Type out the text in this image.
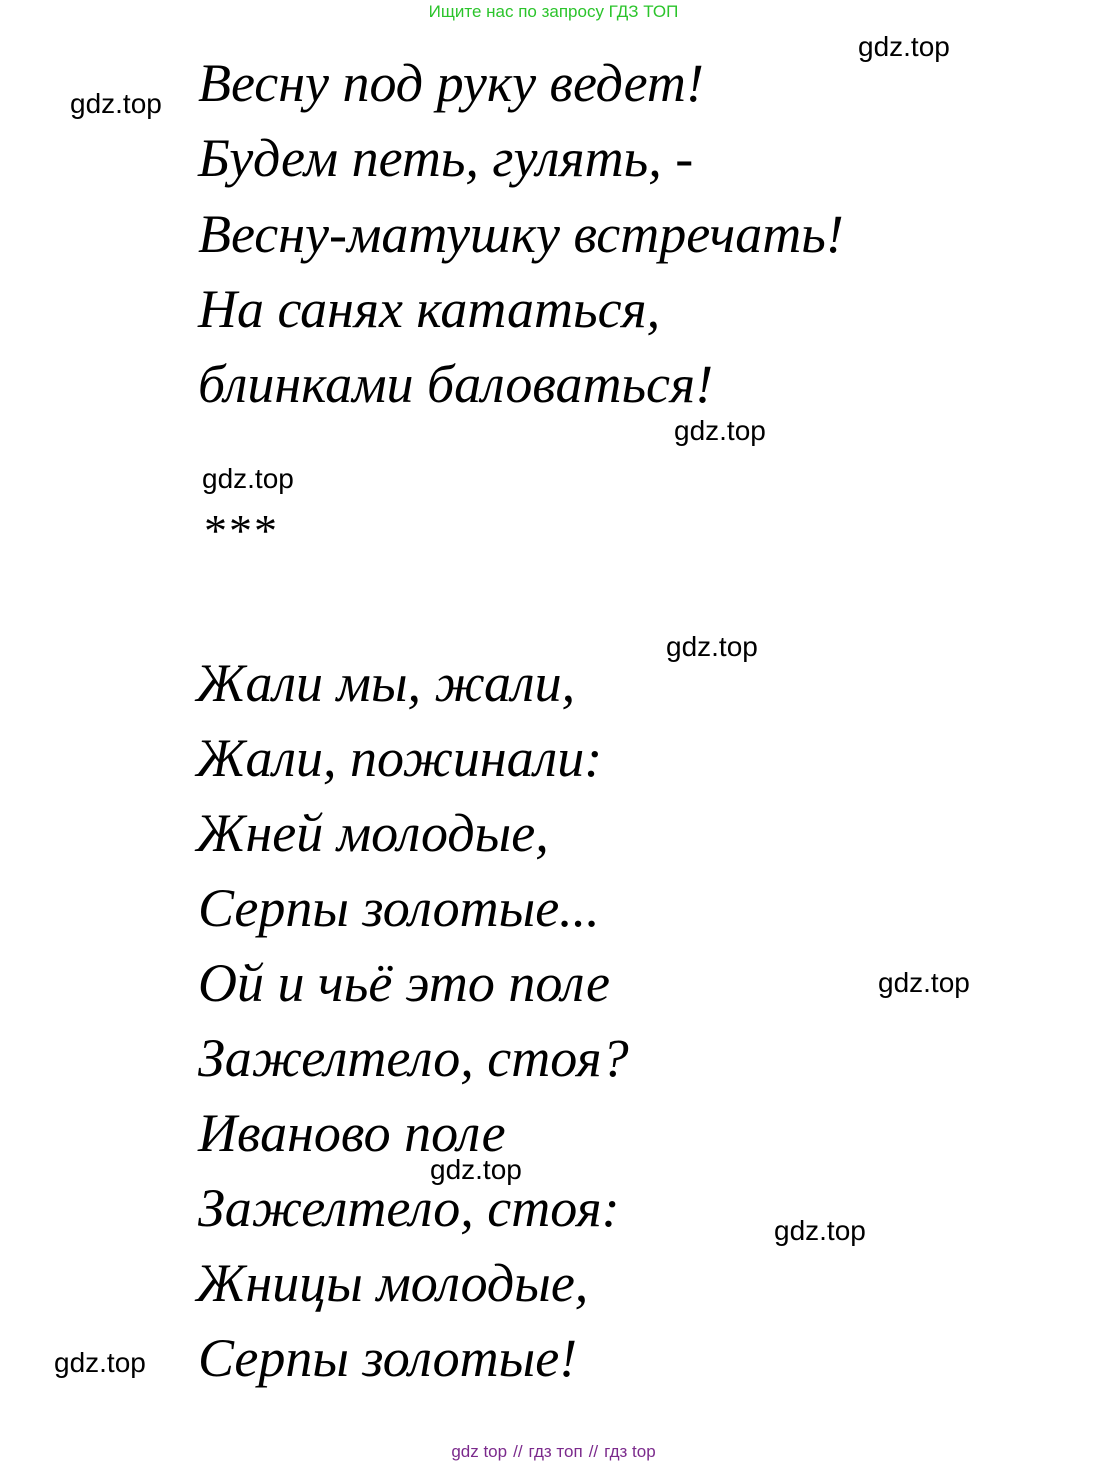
Ищите нас по запросу ГДЗ ТОП
Весну под руку ведет!
Будем петь, гулять, -
Весну-матушку встречать!
На санях кататься,
блинками баловаться!
***
Жали мы, жали,
Жали, пожинали:
Жней молодые,
Серпы золотые...
Ой и чьё это поле
Зажелтело, стоя?
Иваново поле
Зажелтело, стоя:
Жницы молодые,
Серпы золотые!
gdz.top
gdz.top
gdz.top
gdz.top
gdz.top
gdz.top
gdz.top
gdz.top
gdz.top
gdz top // гдз топ // гдз top
